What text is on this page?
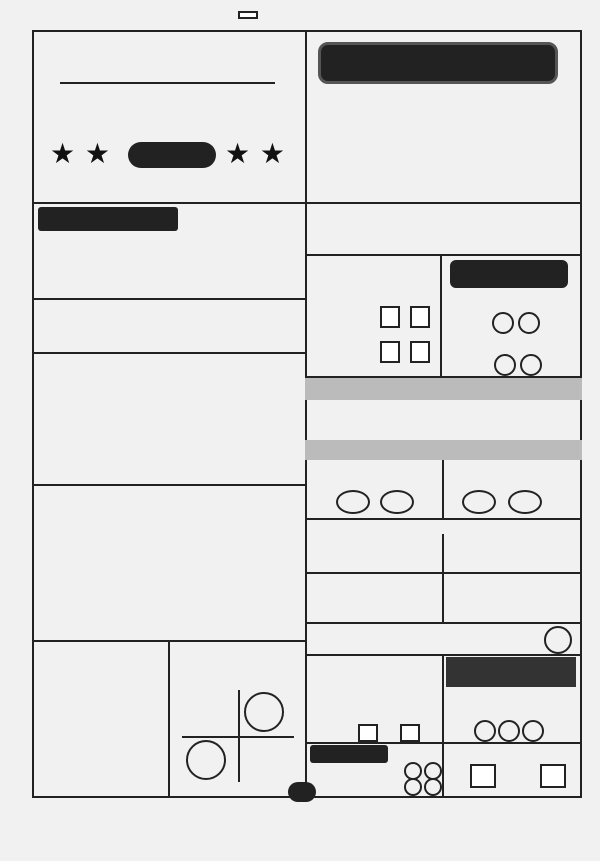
★ ★	★ ★
